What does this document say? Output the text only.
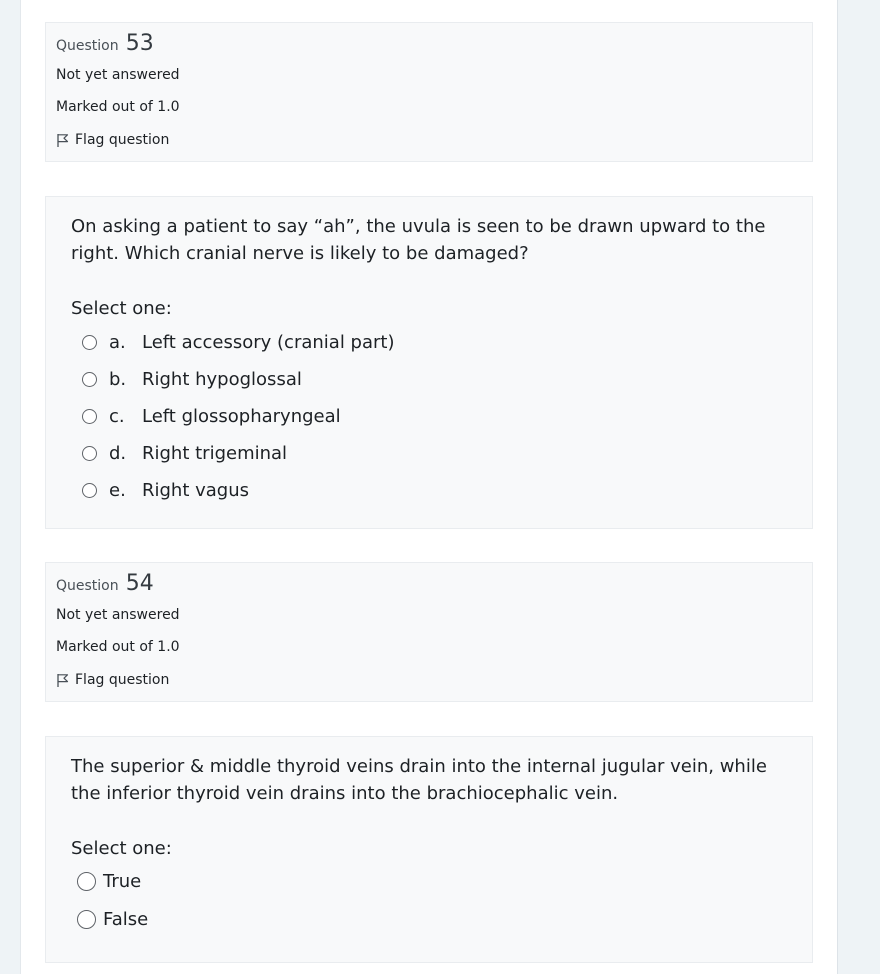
Question 53
Not yet answered
Marked out of 1.0
Flag question
On asking a patient to say “ah”, the uvula is seen to be drawn upward to the right. Which cranial nerve is likely to be damaged?
Select one:
a. Left accessory (cranial part)
b. Right hypoglossal
c. Left glossopharyngeal
d. Right trigeminal
e. Right vagus
Question 54
Not yet answered
Marked out of 1.0
Flag question
The superior & middle thyroid veins drain into the internal jugular vein, while the inferior thyroid vein drains into the brachiocephalic vein.
Select one:
True
False
